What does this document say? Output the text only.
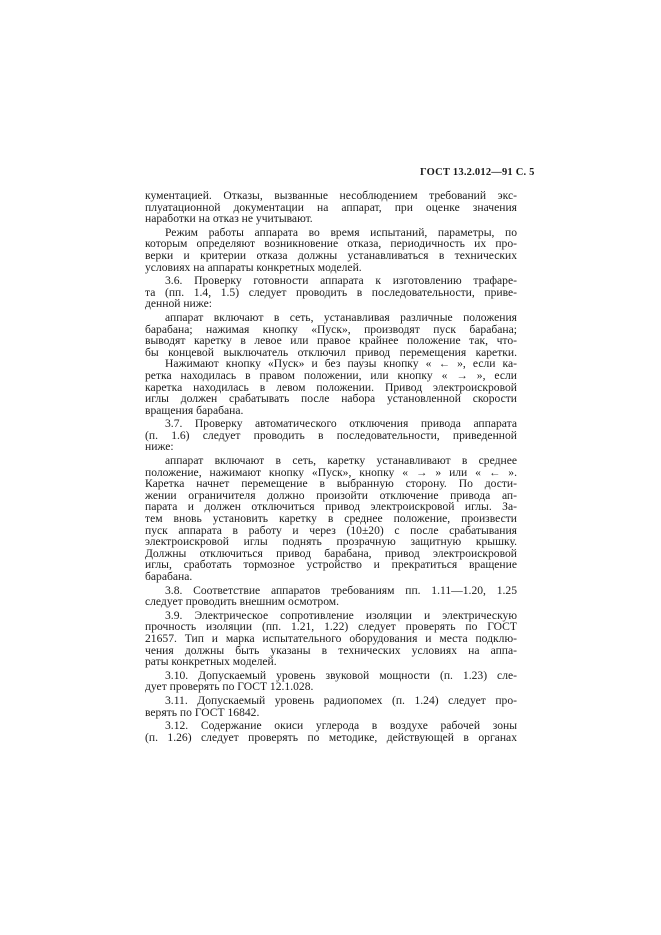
ГОСТ 13.2.012—91 С. 5
кументацией. Отказы, вызванные несоблюдением требований экс-
плуатационной документации на аппарат, при оценке значения
наработки на отказ не учитывают.
Режим работы аппарата во время испытаний, параметры, по
которым определяют возникновение отказа, периодичность их про-
верки и критерии отказа должны устанавливаться в технических
условиях на аппараты конкретных моделей.
3.6. Проверку готовности аппарата к изготовлению трафаре-
та (пп. 1.4, 1.5) следует проводить в последовательности, приве-
денной ниже:
аппарат включают в сеть, устанавливая различные положения
барабана; нажимая кнопку «Пуск», производят пуск барабана;
выводят каретку в левое или правое крайнее положение так, что-
бы концевой выключатель отключил привод перемещения каретки.
Нажимают кнопку «Пуск» и без паузы кнопку « ← », если ка-
ретка находилась в правом положении, или кнопку « → », если
каретка находилась в левом положении. Привод электроискровой
иглы должен срабатывать после набора установленной скорости
вращения барабана.
3.7. Проверку автоматического отключения привода аппарата
(п. 1.6) следует проводить в последовательности, приведенной
ниже:
аппарат включают в сеть, каретку устанавливают в среднее
положение, нажимают кнопку «Пуск», кнопку « → » или « ← ».
Каретка начнет перемещение в выбранную сторону. По дости-
жении ограничителя должно произойти отключение привода ап-
парата и должен отключиться привод электроискровой иглы. За-
тем вновь установить каретку в среднее положение, произвести
пуск аппарата в работу и через (10±20) с после срабатывания
электроискровой иглы поднять прозрачную защитную крышку.
Должны отключиться привод барабана, привод электроискровой
иглы, сработать тормозное устройство и прекратиться вращение
барабана.
3.8. Соответствие аппаратов требованиям пп. 1.11—1.20, 1.25
следует проводить внешним осмотром.
3.9. Электрическое сопротивление изоляции и электрическую
прочность изоляции (пп. 1.21, 1.22) следует проверять по ГОСТ
21657. Тип и марка испытательного оборудования и места подклю-
чения должны быть указаны в технических условиях на аппа-
раты конкретных моделей.
3.10. Допускаемый уровень звуковой мощности (п. 1.23) сле-
дует проверять по ГОСТ 12.1.028.
3.11. Допускаемый уровень радиопомех (п. 1.24) следует про-
верять по ГОСТ 16842.
3.12. Содержание окиси углерода в воздухе рабочей зоны
(п. 1.26) следует проверять по методике, действующей в органах
